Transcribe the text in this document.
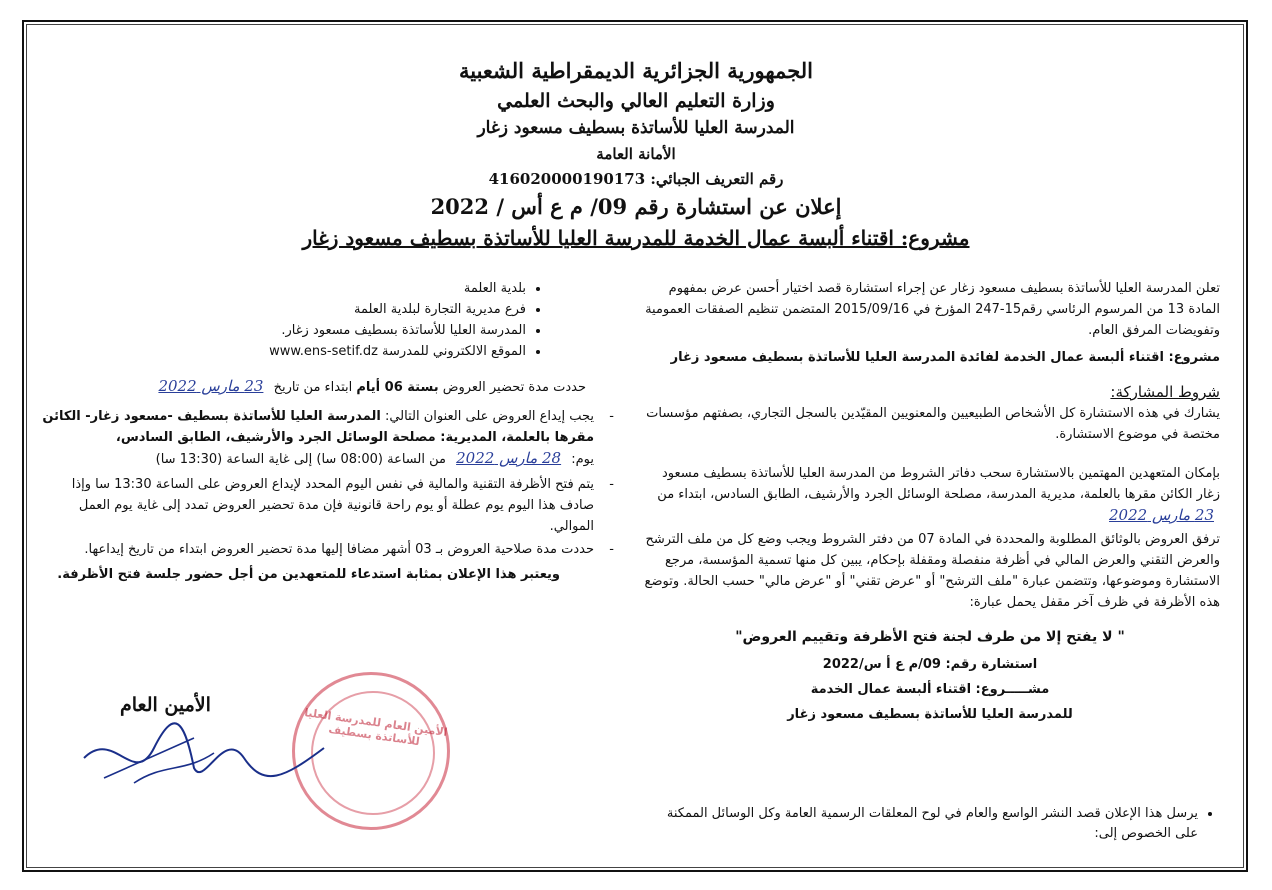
الجمهورية الجزائرية الديمقراطية الشعبية
وزارة التعليم العالي والبحث العلمي
المدرسة العليا للأساتذة بسطيف مسعود زغار
الأمانة العامة
رقم التعريف الجبائي: 416020000190173
إعلان عن استشارة رقم 09/ م ع أس / 2022
مشروع: اقتناء ألبسة عمال الخدمة للمدرسة العليا للأساتذة بسطيف مسعود زغار

تعلن المدرسة العليا للأساتذة بسطيف مسعود زغار عن إجراء استشارة قصد اختيار أحسن عرض بمفهوم المادة 13 من المرسوم الرئاسي رقم15-247 المؤرخ في 2015/09/16 المتضمن تنظيم الصفقات العمومية وتفويضات المرفق العام.

مشروع: اقتناء ألبسة عمال الخدمة لفائدة المدرسة العليا للأساتذة بسطيف مسعود زغار

شروط المشاركة:

يشارك في هذه الاستشارة كل الأشخاص الطبيعيين والمعنويين المقيّدين بالسجل التجاري، بصفتهم مؤسسات مختصة في موضوع الاستشارة.

بإمكان المتعهدين المهتمين بالاستشارة سحب دفاتر الشروط من المدرسة العليا للأساتذة بسطيف مسعود زغار الكائن مقرها بالعلمة، مديرية المدرسة، مصلحة الوسائل الجرد والأرشيف، الطابق السادس، ابتداء من 23 مارس 2022

ترفق العروض بالوثائق المطلوبة والمحددة في المادة 07 من دفتر الشروط ويجب وضع كل من ملف الترشح والعرض التقني والعرض المالي في أظرفة منفصلة ومقفلة بإحكام، يبين كل منها تسمية المؤسسة، مرجع الاستشارة وموضوعها، وتتضمن عبارة "ملف الترشح" أو "عرض تقني" أو "عرض مالي" حسب الحالة. وتوضع هذه الأظرفة في ظرف آخر مقفل يحمل عبارة:

" لا يفتح إلا من طرف لجنة فتح الأظرفة وتقييم العروض"

استشارة رقم: 09/م ع أ س/2022

مشـــــروع: اقتناء ألبسة عمال الخدمة

للمدرسة العليا للأساتذة بسطيف مسعود زغار

• يرسل هذا الإعلان قصد النشر الواسع والعام في لوح المعلقات الرسمية العامة وكل الوسائل الممكنة على الخصوص إلى:
• بلدية العلمة
• فرع مديرية التجارة لبلدية العلمة
• المدرسة العليا للأساتذة بسطيف مسعود زغار.
• الموقع الالكتروني للمدرسة www.ens-setif.dz

حددت مدة تحضير العروض بستة 06 أيام ابتداء من تاريخ 23 مارس 2022

- يجب إيداع العروض على العنوان التالي: المدرسة العليا للأساتذة بسطيف -مسعود زغار- الكائن مقرها بالعلمة، المديرية: مصلحة الوسائل الجرد والأرشيف، الطابق السادس،
يوم: 28 مارس 2022 من الساعة (08:00 سا) إلى غاية الساعة (13:30 سا)
- يتم فتح الأظرفة التقنية والمالية في نفس اليوم المحدد لإيداع العروض على الساعة 13:30 سا وإذا صادف هذا اليوم يوم عطلة أو يوم راحة قانونية فإن مدة تحضير العروض تمدد إلى غاية يوم العمل الموالي.
- حددت مدة صلاحية العروض بـ 03 أشهر مضافا إليها مدة تحضير العروض ابتداء من تاريخ إيداعها.

ويعتبر هذا الإعلان بمثابة استدعاء للمتعهدين من أجل حضور جلسة فتح الأظرفة.

الأمين العام
الأمين العام للمدرسة العليا للأساتذة بسطيف
